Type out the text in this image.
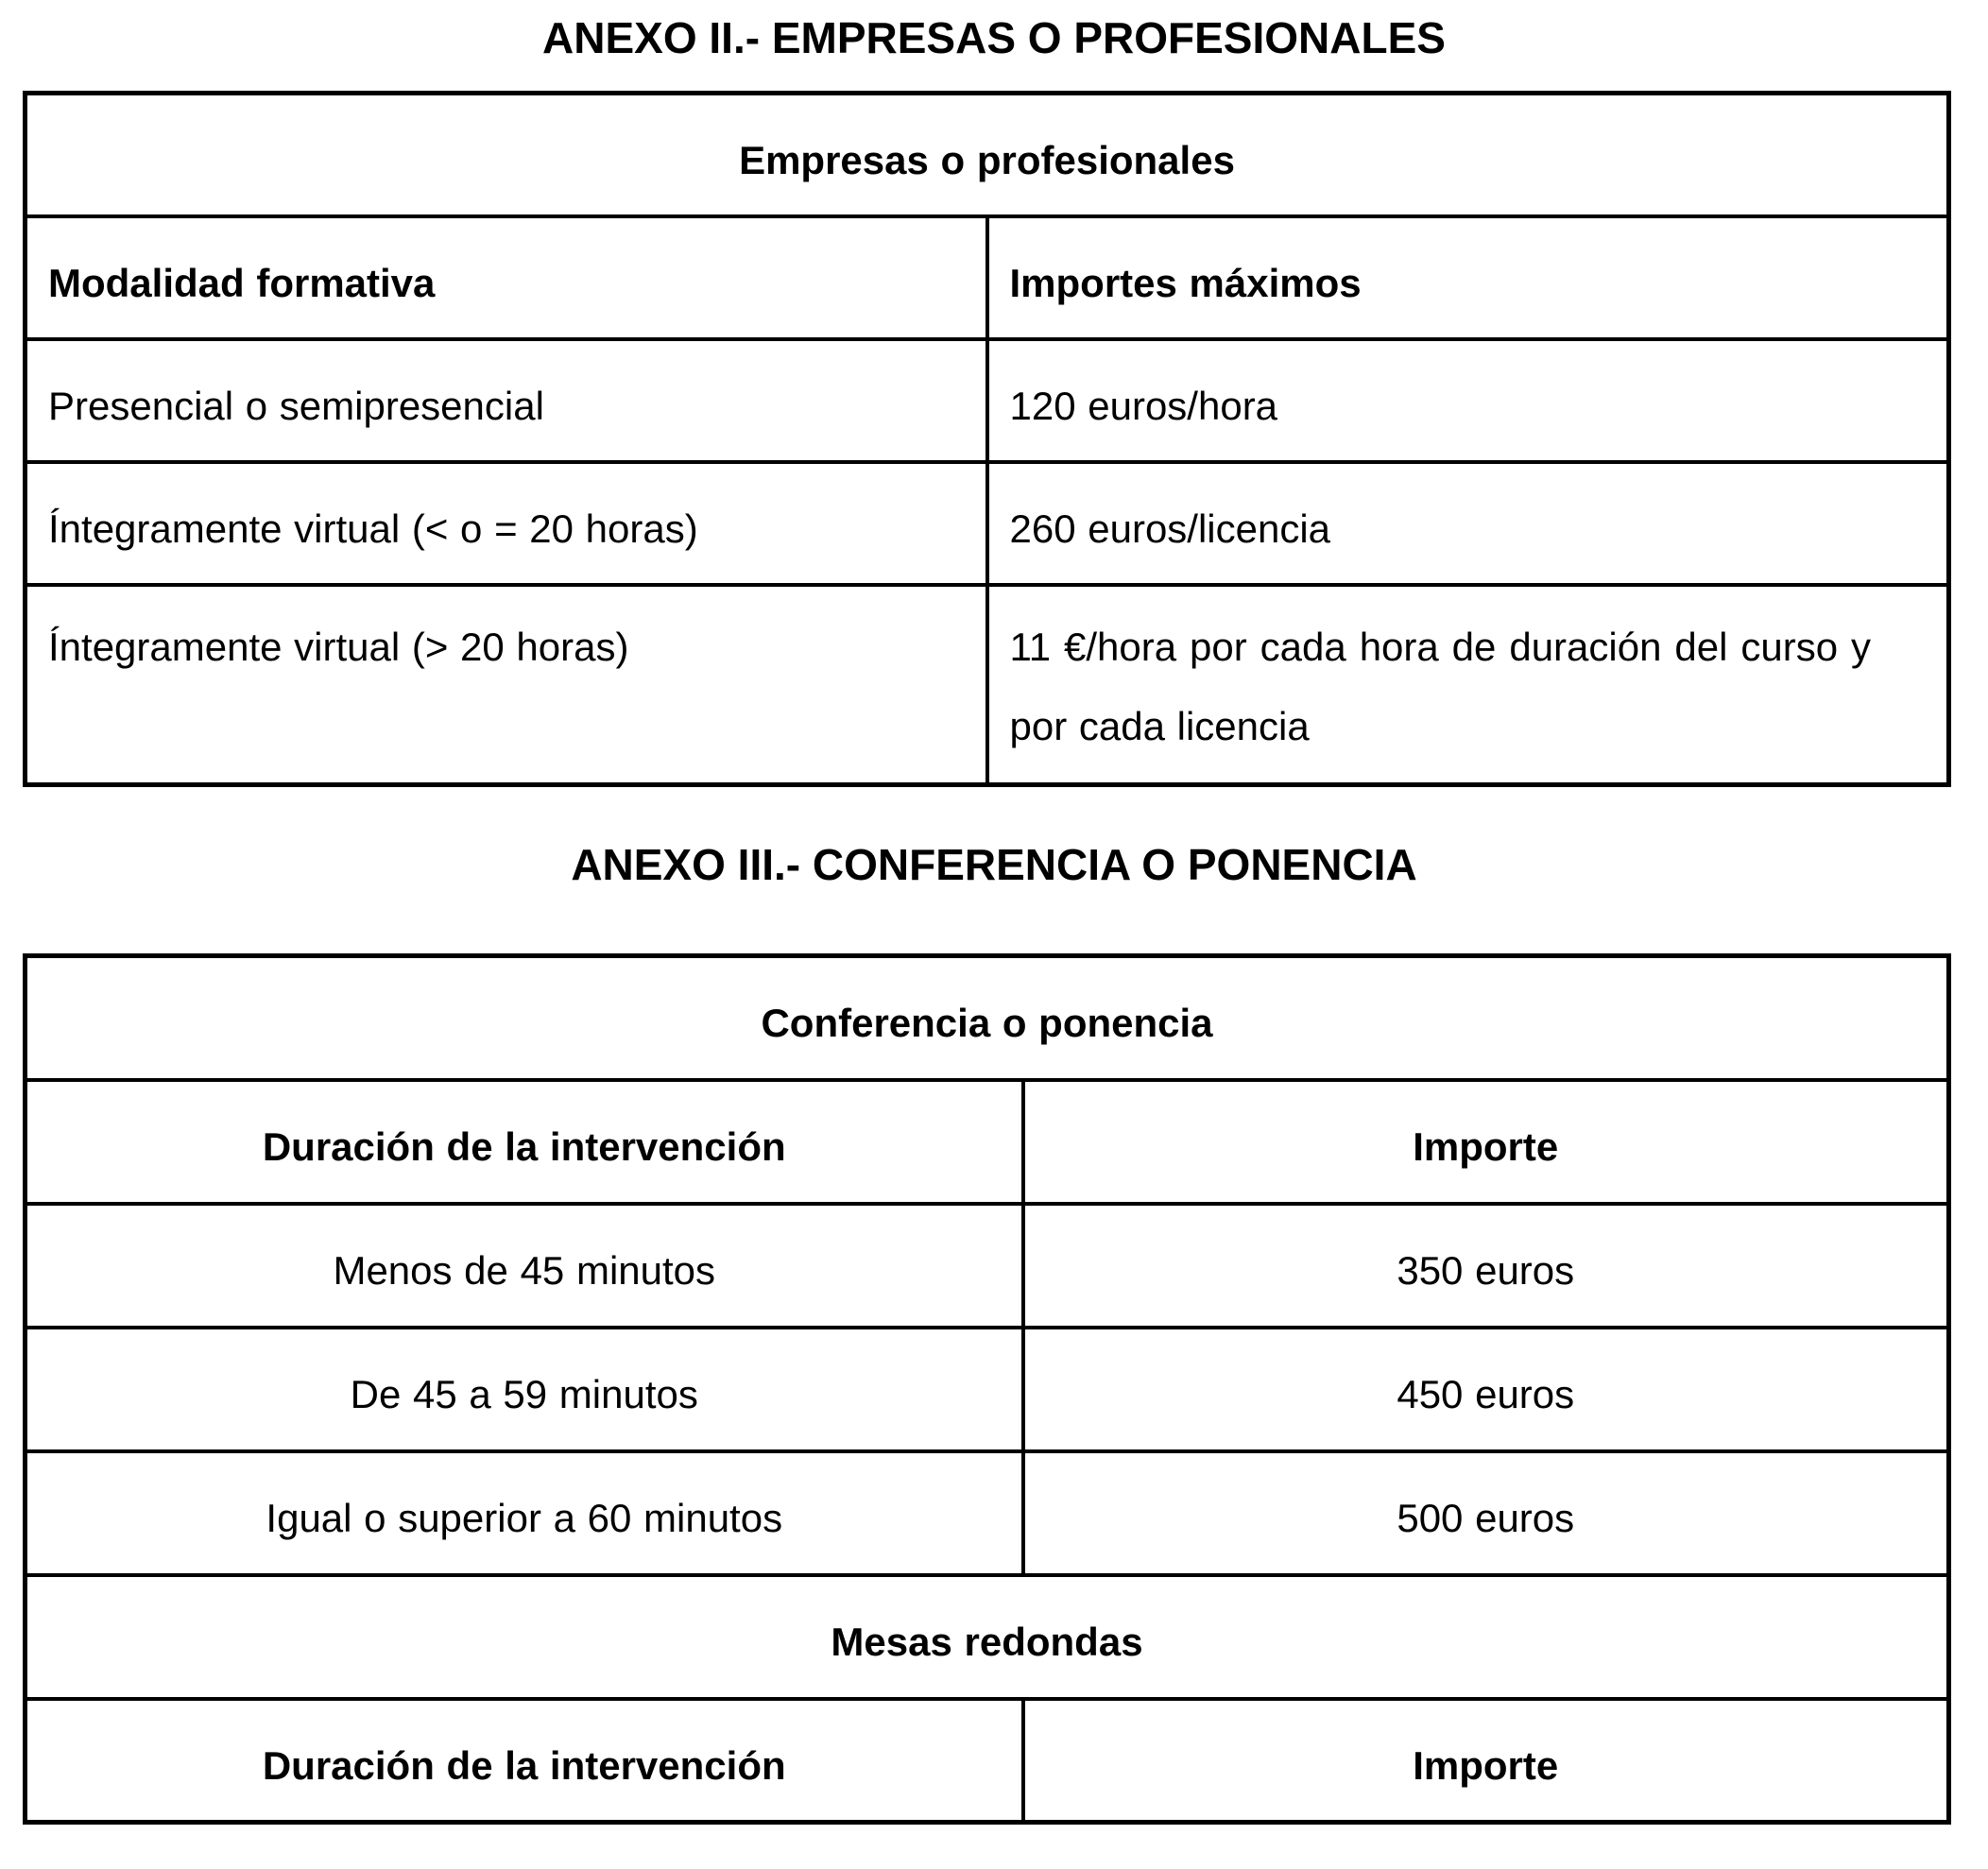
ANEXO II.- EMPRESAS O PROFESIONALES
Empresas o profesionales	
Modalidad formativa	Importes máximos
Presencial o semipresencial	120 euros/hora
Íntegramente virtual (< o = 20 horas)	260 euros/licencia
Íntegramente virtual (> 20 horas)	11 €/hora por cada hora de duración del curso y por cada licencia
ANEXO III.- CONFERENCIA O PONENCIA
Conferencia o ponencia	
Duración de la intervención	Importe
Menos de 45 minutos	350 euros
De 45 a 59 minutos	450 euros
Igual o superior a 60 minutos	500 euros
Mesas redondas	
Duración de la intervención	Importe
